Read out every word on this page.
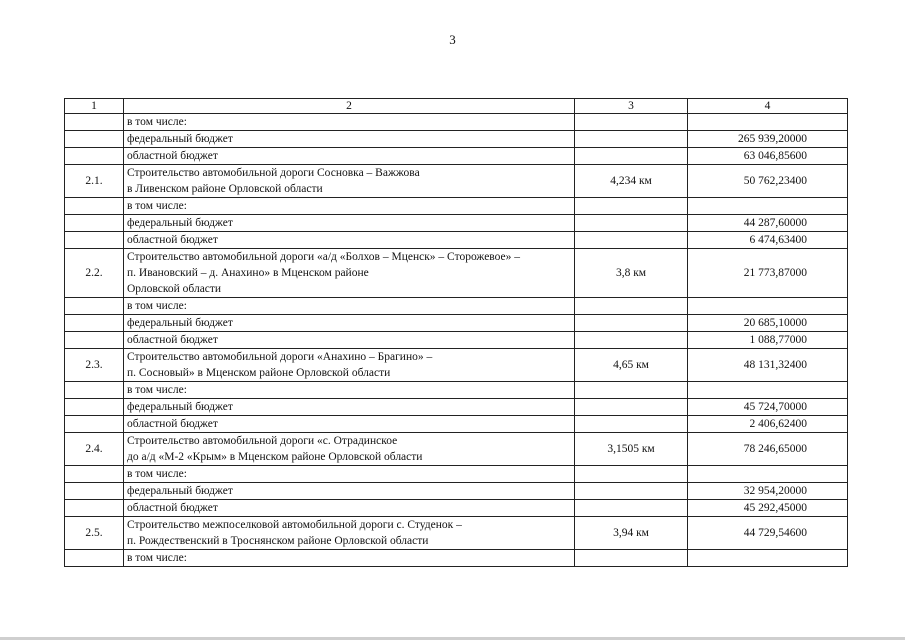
3
1	2	3	4

	в том числе:		

	федеральный бюджет		265 939,20000

	областной бюджет		63 046,85600
2.1.	Строительство автомобильной дороги Сосновка – Важжова
в Ливенском районе Орловской области	4,234 км	50 762,23400

	в том числе:		

	федеральный бюджет		44 287,60000

	областной бюджет		6 474,63400
2.2.	Строительство автомобильной дороги «а/д «Болхов – Мценск» – Сторожевое» –
п. Ивановский – д. Анахино» в Мценском районе
Орловской области	3,8 км	21 773,87000

	в том числе:		

	федеральный бюджет		20 685,10000

	областной бюджет		1 088,77000
2.3.	Строительство автомобильной дороги «Анахино – Брагино» –
п. Сосновый» в Мценском районе Орловской области	4,65 км	48 131,32400

	в том числе:		

	федеральный бюджет		45 724,70000

	областной бюджет		2 406,62400
2.4.	Строительство автомобильной дороги «с. Отрадинское
до а/д «М-2 «Крым» в Мценском районе Орловской области	3,1505 км	78 246,65000

	в том числе:		

	федеральный бюджет		32 954,20000

	областной бюджет		45 292,45000
2.5.	Строительство межпоселковой автомобильной дороги с. Студенок –
п. Рождественский в Троснянском районе Орловской области	3,94 км	44 729,54600

	в том числе:		
